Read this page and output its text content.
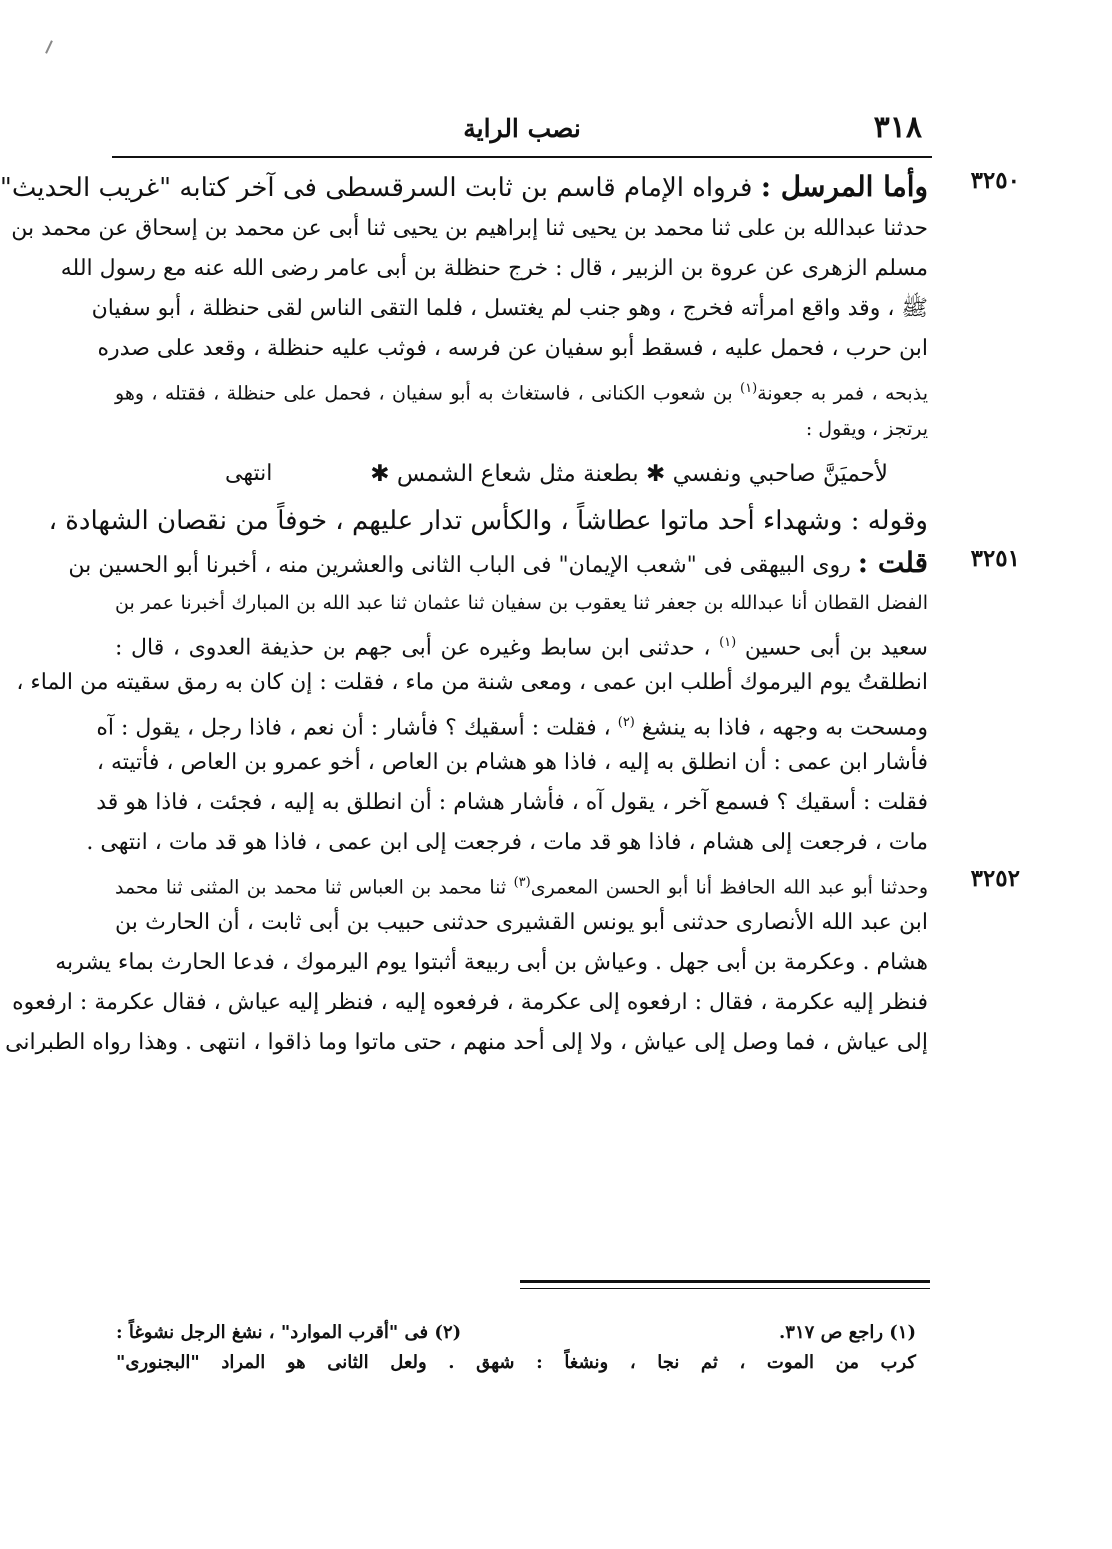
٣١٨
نصب الراية
٣٢٥٠
وأما المرسل : فرواه الإمام قاسم بن ثابت السرقسطى فى آخر كتابه "غريب الحديث"
حدثنا عبدالله بن على ثنا محمد بن يحيى ثنا إبراهيم بن يحيى ثنا أبى عن محمد بن إسحاق عن محمد بن
مسلم الزهرى عن عروة بن الزبير ، قال : خرج حنظلة بن أبى عامر رضى الله عنه مع رسول الله
ﷺ ، وقد واقع امرأته فخرج ، وهو جنب لم يغتسل ، فلما التقى الناس لقى حنظلة ، أبو سفيان
ابن حرب ، فحمل عليه ، فسقط أبو سفيان عن فرسه ، فوثب عليه حنظلة ، وقعد على صدره
يذبحه ، فمر به جعونة$^{(١)}$ بن شعوب الكنانى ، فاستغاث به أبو سفيان ، فحمل على حنظلة ، فقتله ، وهو
يرتجز ، ويقول :
لأحميَنَّ صاحبي ونفسي ✱ بطعنة مثل شعاع الشمس ✱
انتهى
وقوله : وشهداء أحد ماتوا عطاشاً ، والكأس تدار عليهم ، خوفاً من نقصان الشهادة ،
٣٢٥١
قلت : روى البيهقى فى "شعب الإيمان" فى الباب الثانى والعشرين منه ، أخبرنا أبو الحسين بن
الفضل القطان أنا عبدالله بن جعفر ثنا يعقوب بن سفيان ثنا عثمان ثنا عبد الله بن المبارك أخبرنا عمر بن
سعيد بن أبى حسين $^{(١)}$ ، حدثنى ابن سابط وغيره عن أبى جهم بن حذيفة العدوى ، قال :
انطلقتُ يوم اليرموك أطلب ابن عمى ، ومعى شنة من ماء ، فقلت : إن كان به رمق سقيته من الماء ،
ومسحت به وجهه ، فاذا به ينشغ $^{(٢)}$ ، فقلت : أسقيك ؟ فأشار : أن نعم ، فاذا رجل ، يقول : آه
فأشار ابن عمى : أن انطلق به إليه ، فاذا هو هشام بن العاص ، أخو عمرو بن العاص ، فأتيته ،
فقلت : أسقيك ؟ فسمع آخر ، يقول آه ، فأشار هشام : أن انطلق به إليه ، فجئت ، فاذا هو قد
مات ، فرجعت إلى هشام ، فاذا هو قد مات ، فرجعت إلى ابن عمى ، فاذا هو قد مات ، انتهى .
٣٢٥٢
وحدثنا أبو عبد الله الحافظ أنا أبو الحسن المعمرى$^{(٣)}$ ثنا محمد بن العباس ثنا محمد بن المثنى ثنا محمد
ابن عبد الله الأنصارى حدثنى أبو يونس القشيرى حدثنى حبيب بن أبى ثابت ، أن الحارث بن
هشام . وعكرمة بن أبى جهل . وعياش بن أبى ربيعة أثبتوا يوم اليرموك ، فدعا الحارث بماء يشربه
فنظر إليه عكرمة ، فقال : ارفعوه إلى عكرمة ، فرفعوه إليه ، فنظر إليه عياش ، فقال عكرمة : ارفعوه
إلى عياش ، فما وصل إلى عياش ، ولا إلى أحد منهم ، حتى ماتوا وما ذاقوا ، انتهى . وهذا رواه الطبرانى
(١) راجع ص ٣١٧.
(٢) فى "أقرب الموارد" ، نشغ الرجل نشوغاً :
كرب من الموت ، ثم نجا ، ونشغاً : شهق . ولعل الثانى هو المراد "البجنورى"
